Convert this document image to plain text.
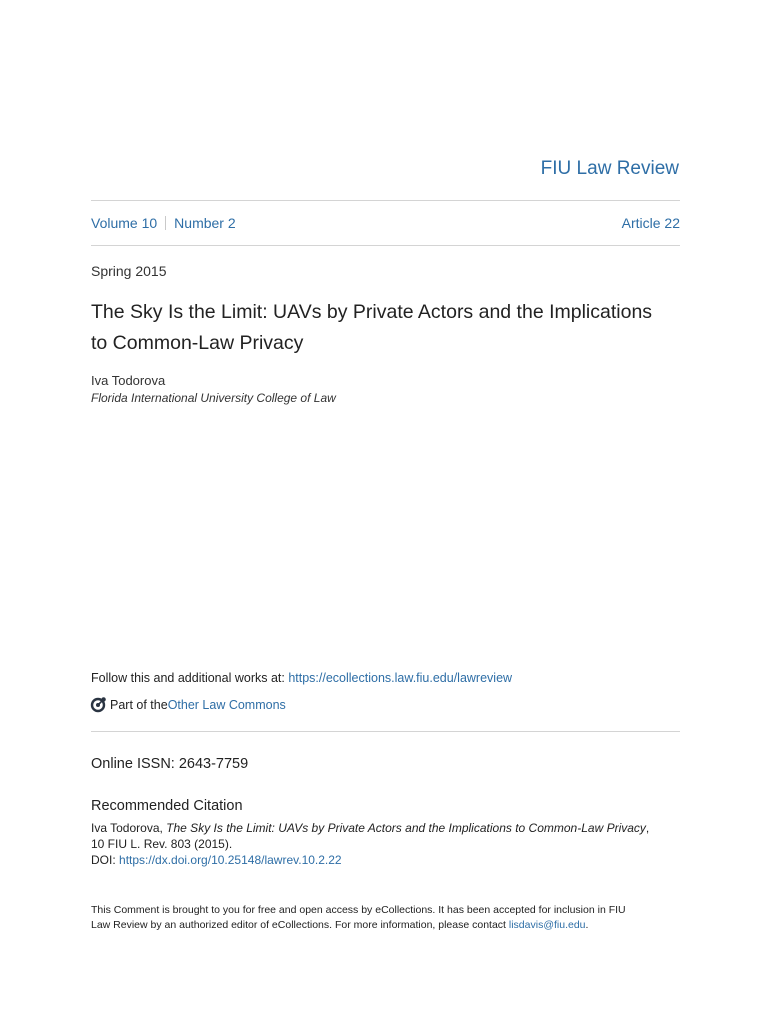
FIU Law Review
Volume 10 Number 2	Article 22
Spring 2015
The Sky Is the Limit: UAVs by Private Actors and the Implications
to Common-Law Privacy
Iva Todorova
Florida International University College of Law
Follow this and additional works at: https://ecollections.law.fiu.edu/lawreview
Part of the Other Law Commons
Online ISSN: 2643-7759
Recommended Citation
Iva Todorova, The Sky Is the Limit: UAVs by Private Actors and the Implications to Common-Law Privacy,
10 FIU L. Rev. 803 (2015).
DOI: https://dx.doi.org/10.25148/lawrev.10.2.22
This Comment is brought to you for free and open access by eCollections. It has been accepted for inclusion in FIU
Law Review by an authorized editor of eCollections. For more information, please contact lisdavis@fiu.edu.
